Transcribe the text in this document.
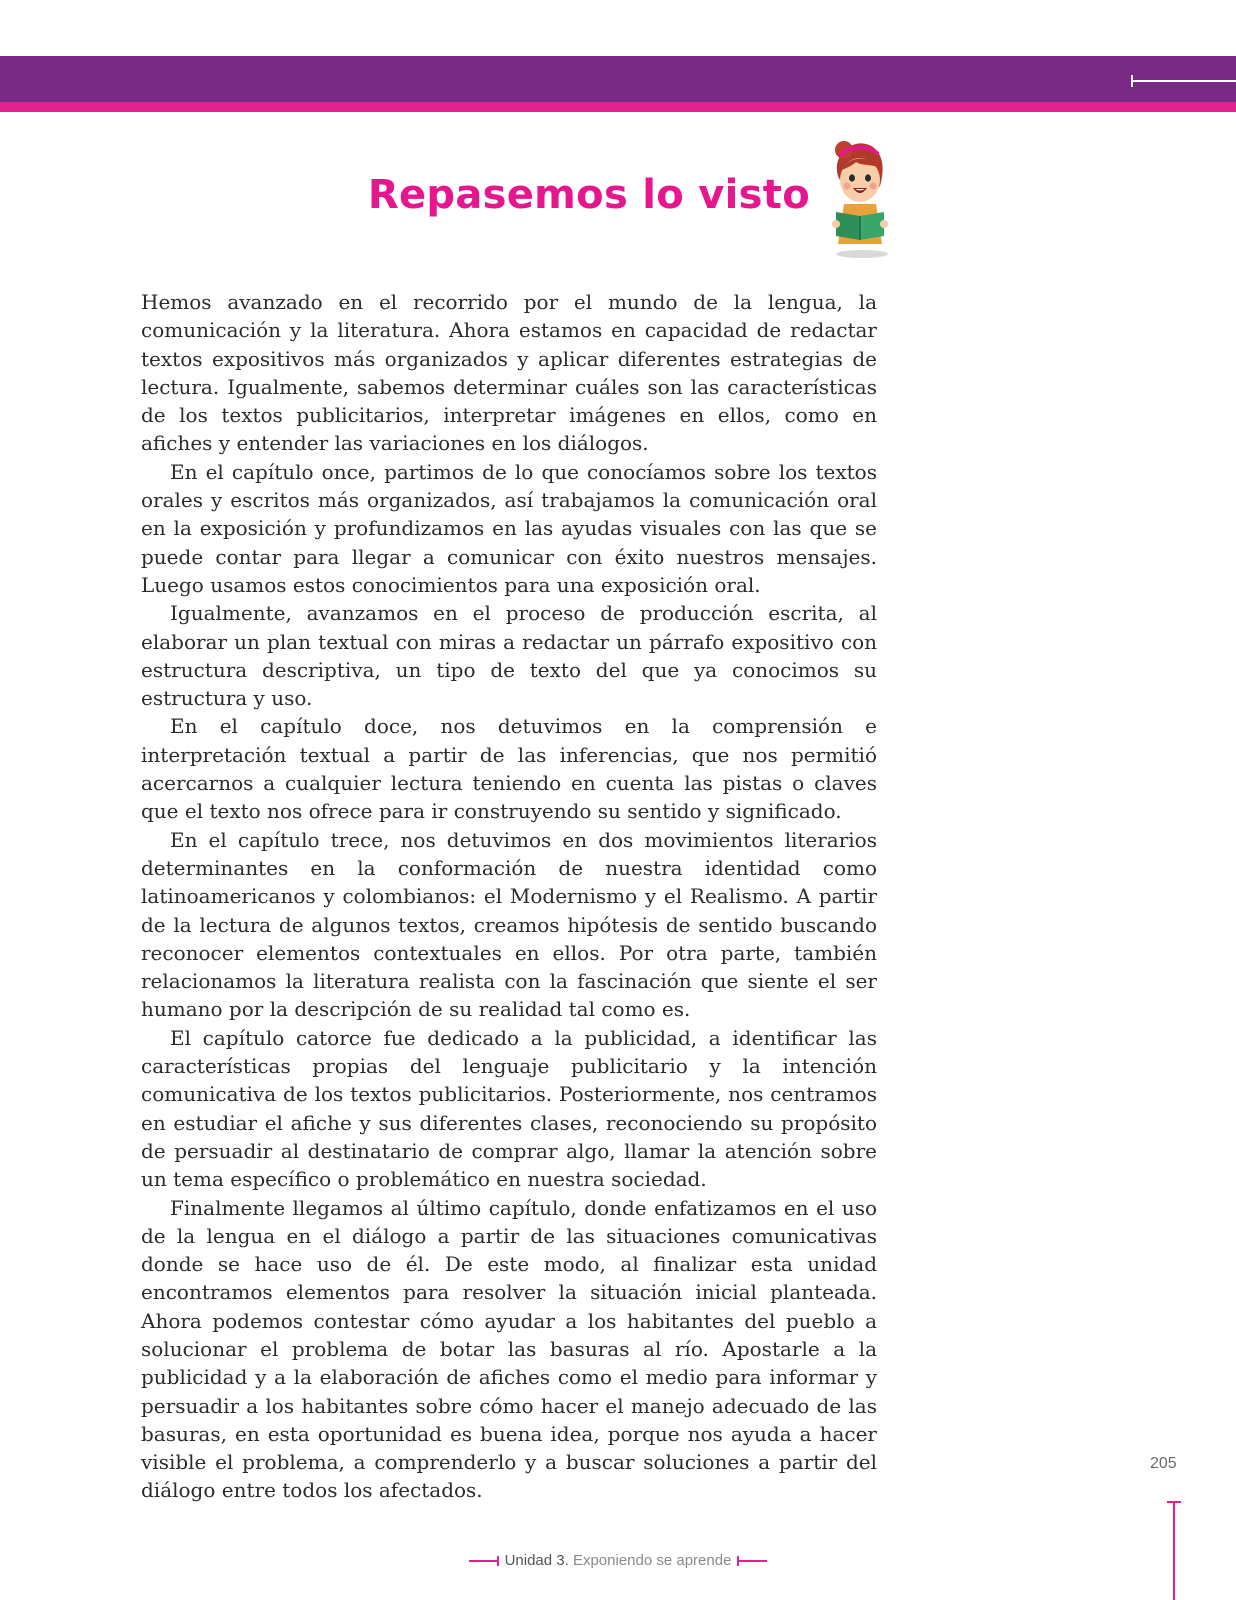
Repasemos lo visto

Hemos avanzado en el recorrido por el mundo de la lengua, la comunicación y la literatura. Ahora estamos en capacidad de redactar textos expositivos más organizados y aplicar diferentes estrategias de lectura. Igualmente, sabemos determinar cuáles son las características de los textos publicitarios, interpretar imágenes en ellos, como en afiches y entender las variaciones en los diálogos.

En el capítulo once, partimos de lo que conocíamos sobre los textos orales y escritos más organizados, así trabajamos la comunicación oral en la exposición y profundizamos en las ayudas visuales con las que se puede contar para llegar a comunicar con éxito nuestros mensajes. Luego usamos estos conocimientos para una exposición oral.

Igualmente, avanzamos en el proceso de producción escrita, al elaborar un plan textual con miras a redactar un párrafo expositivo con estructura descriptiva, un tipo de texto del que ya conocimos su estructura y uso.

En el capítulo doce, nos detuvimos en la comprensión e interpretación textual a partir de las inferencias, que nos permitió acercarnos a cualquier lectura teniendo en cuenta las pistas o claves que el texto nos ofrece para ir construyendo su sentido y significado.

En el capítulo trece, nos detuvimos en dos movimientos literarios determinantes en la conformación de nuestra identidad como latinoamericanos y colombianos: el Modernismo y el Realismo. A partir de la lectura de algunos textos, creamos hipótesis de sentido buscando reconocer elementos contextuales en ellos. Por otra parte, también relacionamos la literatura realista con la fascinación que siente el ser humano por la descripción de su realidad tal como es.

El capítulo catorce fue dedicado a la publicidad, a identificar las características propias del lenguaje publicitario y la intención comunicativa de los textos publicitarios. Posteriormente, nos centramos en estudiar el afiche y sus diferentes clases, reconociendo su propósito de persuadir al destinatario de comprar algo, llamar la atención sobre un tema específico o problemático en nuestra sociedad.

Finalmente llegamos al último capítulo, donde enfatizamos en el uso de la lengua en el diálogo a partir de las situaciones comunicativas donde se hace uso de él. De este modo, al finalizar esta unidad encontramos elementos para resolver la situación inicial planteada. Ahora podemos contestar cómo ayudar a los habitantes del pueblo a solucionar el problema de botar las basuras al río. Apostarle a la publicidad y a la elaboración de afiches como el medio para informar y persuadir a los habitantes sobre cómo hacer el manejo adecuado de las basuras, en esta oportunidad es buena idea, porque nos ayuda a hacer visible el problema, a comprenderlo y a buscar soluciones a partir del diálogo entre todos los afectados.

205
Unidad 3. Exponiendo se aprende
